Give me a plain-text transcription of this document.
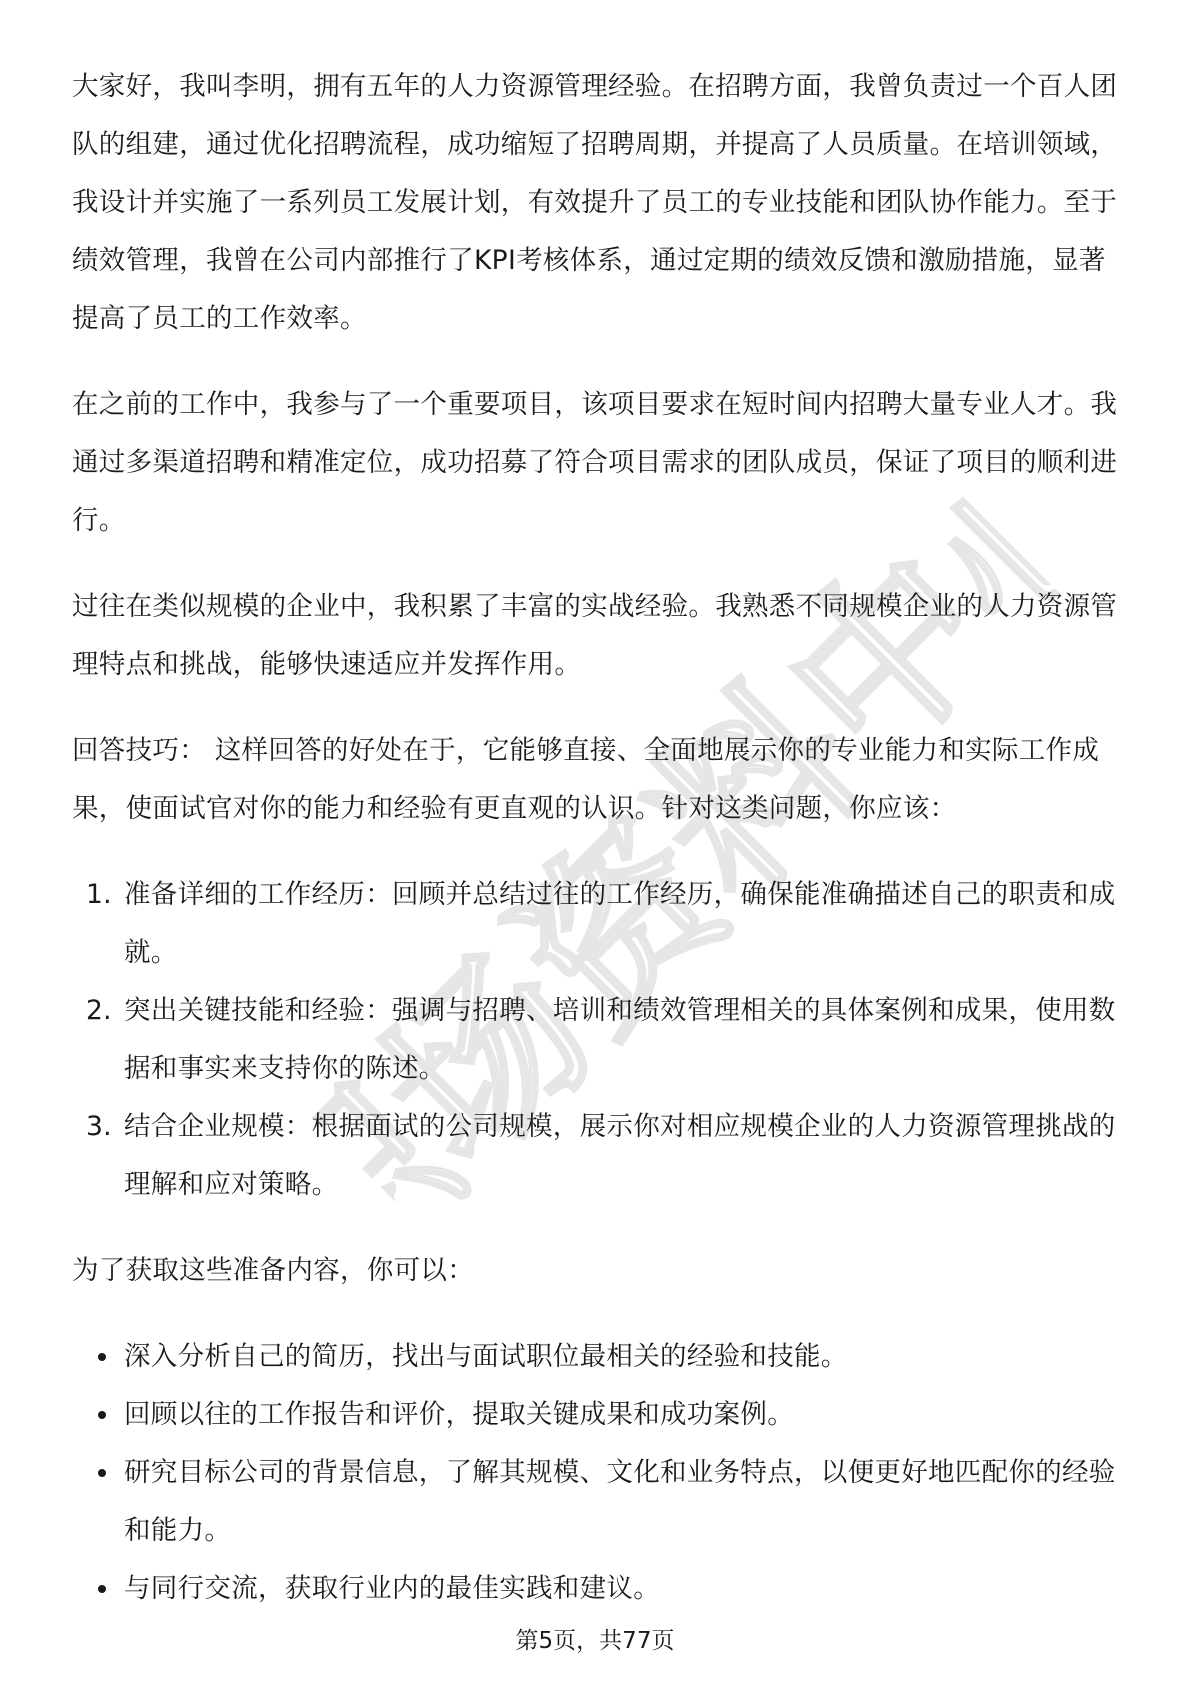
职场资料中心

大家好，我叫李明，拥有五年的人力资源管理经验。在招聘方面，我曾负责过一个百人团队的组建，通过优化招聘流程，成功缩短了招聘周期，并提高了人员质量。在培训领域，我设计并实施了一系列员工发展计划，有效提升了员工的专业技能和团队协作能力。至于绩效管理，我曾在公司内部推行了KPI考核体系，通过定期的绩效反馈和激励措施，显著提高了员工的工作效率。

在之前的工作中，我参与了一个重要项目，该项目要求在短时间内招聘大量专业人才。我通过多渠道招聘和精准定位，成功招募了符合项目需求的团队成员，保证了项目的顺利进行。

过往在类似规模的企业中，我积累了丰富的实战经验。我熟悉不同规模企业的人力资源管理特点和挑战，能够快速适应并发挥作用。

回答技巧： 这样回答的好处在于，它能够直接、全面地展示你的专业能力和实际工作成果，使面试官对你的能力和经验有更直观的认识。针对这类问题，你应该：

1. 准备详细的工作经历：回顾并总结过往的工作经历，确保能准确描述自己的职责和成就。
2. 突出关键技能和经验：强调与招聘、培训和绩效管理相关的具体案例和成果，使用数据和事实来支持你的陈述。
3. 结合企业规模：根据面试的公司规模，展示你对相应规模企业的人力资源管理挑战的理解和应对策略。

为了获取这些准备内容，你可以：

深入分析自己的简历，找出与面试职位最相关的经验和技能。
回顾以往的工作报告和评价，提取关键成果和成功案例。
研究目标公司的背景信息，了解其规模、文化和业务特点，以便更好地匹配你的经验和能力。
与同行交流，获取行业内的最佳实践和建议。
第5页，共77页
